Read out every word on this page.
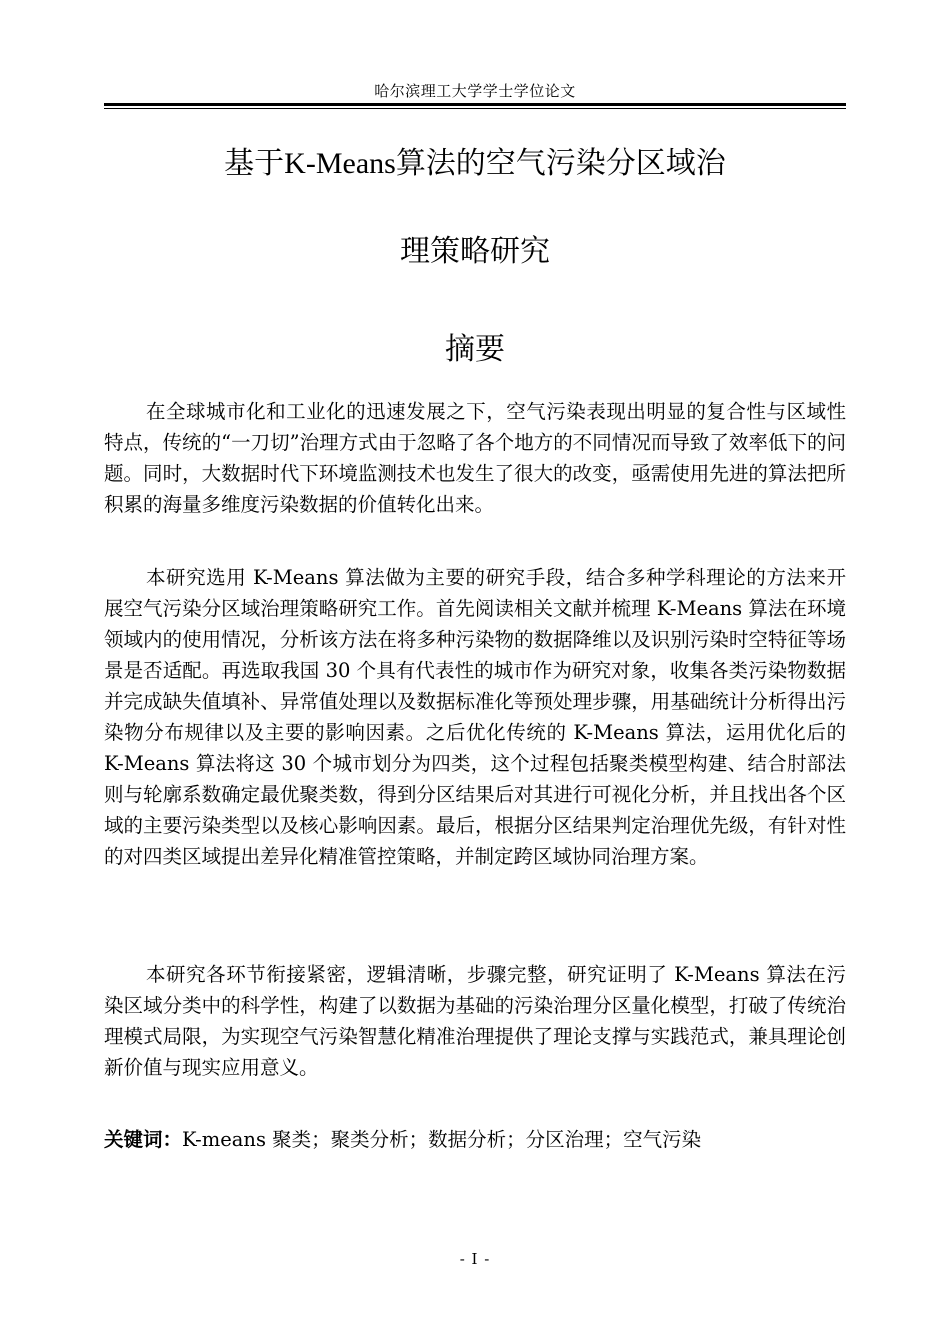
哈尔滨理工大学学士学位论文
基于K-Means算法的空气污染分区域治
理策略研究
摘要

在全球城市化和工业化的迅速发展之下，空气污染表现出明显的复合性与区域性特点，传统的“一刀切”治理方式由于忽略了各个地方的不同情况而导致了效率低下的问题。同时，大数据时代下环境监测技术也发生了很大的改变，亟需使用先进的算法把所积累的海量多维度污染数据的价值转化出来。

本研究选用 K-Means 算法做为主要的研究手段，结合多种学科理论的方法来开展空气污染分区域治理策略研究工作。首先阅读相关文献并梳理 K-Means 算法在环境领域内的使用情况，分析该方法在将多种污染物的数据降维以及识别污染时空特征等场景是否适配。再选取我国 30 个具有代表性的城市作为研究对象，收集各类污染物数据并完成缺失值填补、异常值处理以及数据标准化等预处理步骤，用基础统计分析得出污染物分布规律以及主要的影响因素。之后优化传统的 K-Means 算法，运用优化后的 K-Means 算法将这 30 个城市划分为四类，这个过程包括聚类模型构建、结合肘部法则与轮廓系数确定最优聚类数，得到分区结果后对其进行可视化分析，并且找出各个区域的主要污染类型以及核心影响因素。最后，根据分区结果判定治理优先级，有针对性的对四类区域提出差异化精准管控策略，并制定跨区域协同治理方案。

本研究各环节衔接紧密，逻辑清晰，步骤完整，研究证明了 K-Means 算法在污染区域分类中的科学性，构建了以数据为基础的污染治理分区量化模型，打破了传统治理模式局限，为实现空气污染智慧化精准治理提供了理论支撑与实践范式，兼具理论创新价值与现实应用意义。

关键词：K-means 聚类；聚类分析；数据分析；分区治理；空气污染
- I -
